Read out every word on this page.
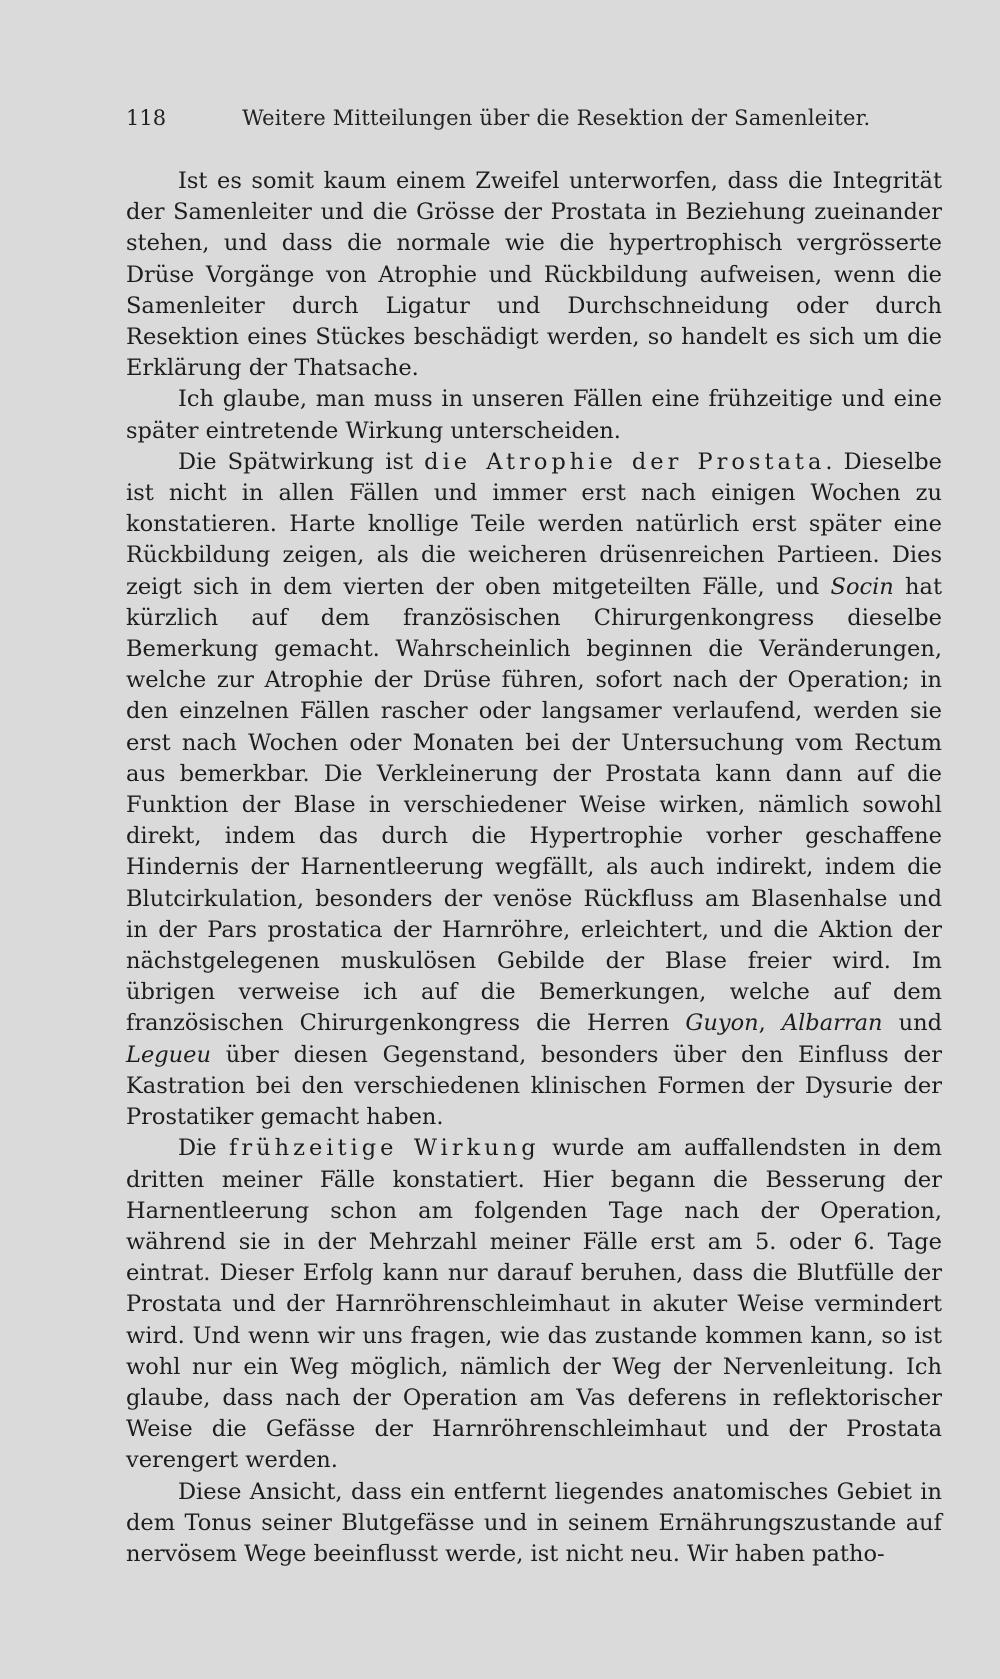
118	Weitere Mitteilungen über die Resektion der Samenleiter.

Ist es somit kaum einem Zweifel unterworfen, dass die Integrität der Samenleiter und die Grösse der Prostata in Beziehung zueinander stehen, und dass die normale wie die hypertrophisch vergrösserte Drüse Vorgänge von Atrophie und Rückbildung aufweisen, wenn die Samenleiter durch Ligatur und Durchschneidung oder durch Resektion eines Stückes beschädigt werden, so handelt es sich um die Erklärung der Thatsache.

Ich glaube, man muss in unseren Fällen eine frühzeitige und eine später eintretende Wirkung unterscheiden.

Die Spätwirkung ist die Atrophie der Prostata. Dieselbe ist nicht in allen Fällen und immer erst nach einigen Wochen zu konstatieren. Harte knollige Teile werden natürlich erst später eine Rückbildung zeigen, als die weicheren drüsenreichen Partieen. Dies zeigt sich in dem vierten der oben mitgeteilten Fälle, und Socin hat kürzlich auf dem französischen Chirurgenkongress dieselbe Bemerkung gemacht. Wahrscheinlich beginnen die Veränderungen, welche zur Atrophie der Drüse führen, sofort nach der Operation; in den einzelnen Fällen rascher oder langsamer verlaufend, werden sie erst nach Wochen oder Monaten bei der Untersuchung vom Rectum aus bemerkbar. Die Verkleinerung der Prostata kann dann auf die Funktion der Blase in verschiedener Weise wirken, nämlich sowohl direkt, indem das durch die Hypertrophie vorher geschaffene Hindernis der Harnentleerung wegfällt, als auch indirekt, indem die Blutcirkulation, besonders der venöse Rückfluss am Blasenhalse und in der Pars prostatica der Harnröhre, erleichtert, und die Aktion der nächstgelegenen muskulösen Gebilde der Blase freier wird. Im übrigen verweise ich auf die Bemerkungen, welche auf dem französischen Chirurgenkongress die Herren Guyon, Albarran und Legueu über diesen Gegenstand, besonders über den Einfluss der Kastration bei den verschiedenen klinischen Formen der Dysurie der Prostatiker gemacht haben.

Die frühzeitige Wirkung wurde am auffallendsten in dem dritten meiner Fälle konstatiert. Hier begann die Besserung der Harnentleerung schon am folgenden Tage nach der Operation, während sie in der Mehrzahl meiner Fälle erst am 5. oder 6. Tage eintrat. Dieser Erfolg kann nur darauf beruhen, dass die Blutfülle der Prostata und der Harnröhrenschleimhaut in akuter Weise vermindert wird. Und wenn wir uns fragen, wie das zustande kommen kann, so ist wohl nur ein Weg möglich, nämlich der Weg der Nervenleitung. Ich glaube, dass nach der Operation am Vas deferens in reflektorischer Weise die Gefässe der Harnröhrenschleimhaut und der Prostata verengert werden.

Diese Ansicht, dass ein entfernt liegendes anatomisches Gebiet in dem Tonus seiner Blutgefässe und in seinem Ernährungszustande auf nervösem Wege beeinflusst werde, ist nicht neu. Wir haben patho-
